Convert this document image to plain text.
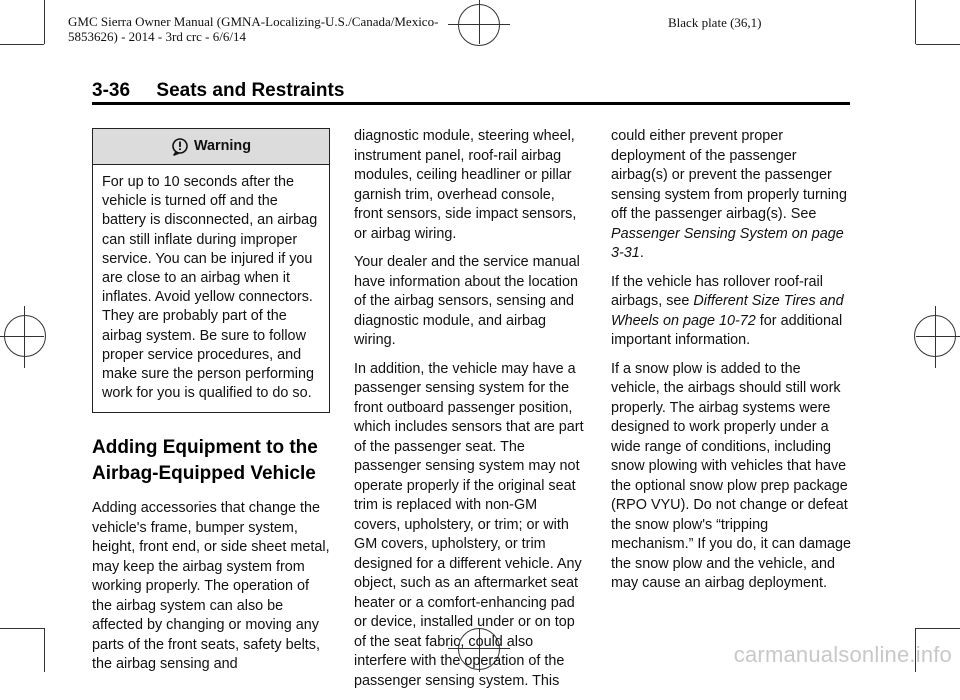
GMC Sierra Owner Manual (GMNA-Localizing-U.S./Canada/Mexico-
5853626) - 2014 - 3rd crc - 6/6/14
Black plate (36,1)
3-36     Seats and Restraints
Warning
For up to 10 seconds after the vehicle is turned off and the battery is disconnected, an airbag can still inflate during improper service. You can be injured if you are close to an airbag when it inflates. Avoid yellow connectors. They are probably part of the airbag system. Be sure to follow proper service procedures, and make sure the person performing work for you is qualified to do so.
Adding Equipment to the Airbag-Equipped Vehicle

Adding accessories that change the vehicle's frame, bumper system, height, front end, or side sheet metal, may keep the airbag system from working properly. The operation of the airbag system can also be affected by changing or moving any parts of the front seats, safety belts, the airbag sensing and

diagnostic module, steering wheel, instrument panel, roof-rail airbag modules, ceiling headliner or pillar garnish trim, overhead console, front sensors, side impact sensors, or airbag wiring.

Your dealer and the service manual have information about the location of the airbag sensors, sensing and diagnostic module, and airbag wiring.

In addition, the vehicle may have a passenger sensing system for the front outboard passenger position, which includes sensors that are part of the passenger seat. The passenger sensing system may not operate properly if the original seat trim is replaced with non-GM covers, upholstery, or trim; or with GM covers, upholstery, or trim designed for a different vehicle. Any object, such as an aftermarket seat heater or a comfort-enhancing pad or device, installed under or on top of the seat fabric, could also interfere with the operation of the passenger sensing system. This

could either prevent proper deployment of the passenger airbag(s) or prevent the passenger sensing system from properly turning off the passenger airbag(s). See Passenger Sensing System on page 3-31.

If the vehicle has rollover roof-rail airbags, see Different Size Tires and Wheels on page 10-72 for additional important information.

If a snow plow is added to the vehicle, the airbags should still work properly. The airbag systems were designed to work properly under a wide range of conditions, including snow plowing with vehicles that have the optional snow plow prep package (RPO VYU). Do not change or defeat the snow plow's “tripping mechanism.” If you do, it can damage the snow plow and the vehicle, and may cause an airbag deployment.

carmanualsonline.info
